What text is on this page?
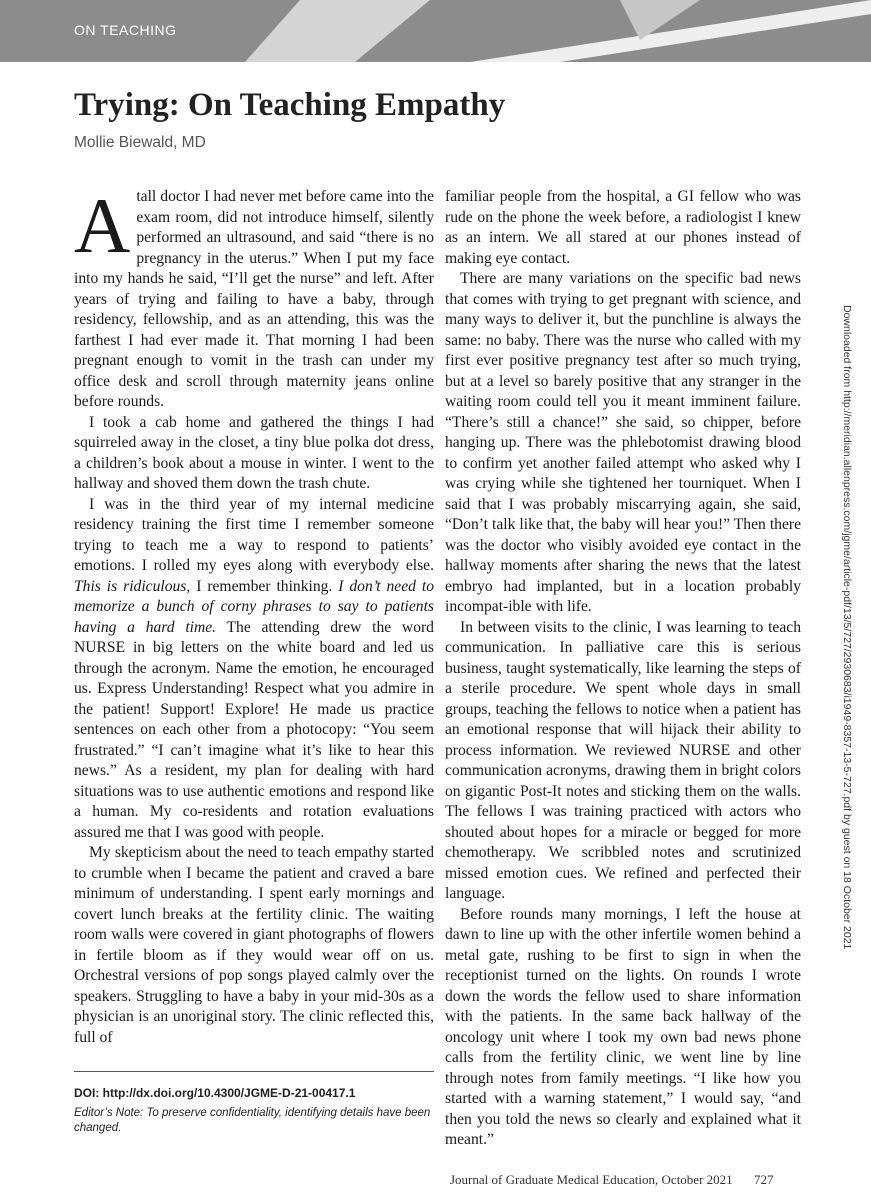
ON TEACHING
Trying: On Teaching Empathy
Mollie Biewald, MD

A tall doctor I had never met before came into the exam room, did not introduce himself, silently performed an ultrasound, and said “there is no pregnancy in the uterus.” When I put my face into my hands he said, “I’ll get the nurse” and left. After years of trying and failing to have a baby, through residency, fellowship, and as an attending, this was the farthest I had ever made it. That morning I had been pregnant enough to vomit in the trash can under my office desk and scroll through maternity jeans online before rounds.

I took a cab home and gathered the things I had squirreled away in the closet, a tiny blue polka dot dress, a children’s book about a mouse in winter. I went to the hallway and shoved them down the trash chute.

I was in the third year of my internal medicine residency training the first time I remember someone trying to teach me a way to respond to patients’ emotions. I rolled my eyes along with everybody else. This is ridiculous, I remember thinking. I don’t need to memorize a bunch of corny phrases to say to patients having a hard time. The attending drew the word NURSE in big letters on the white board and led us through the acronym. Name the emotion, he encouraged us. Express Understanding! Respect what you admire in the patient! Support! Explore! He made us practice sentences on each other from a photocopy: “You seem frustrated.” “I can’t imagine what it’s like to hear this news.” As a resident, my plan for dealing with hard situations was to use authentic emotions and respond like a human. My co-residents and rotation evaluations assured me that I was good with people.

My skepticism about the need to teach empathy started to crumble when I became the patient and craved a bare minimum of understanding. I spent early mornings and covert lunch breaks at the fertility clinic. The waiting room walls were covered in giant photographs of flowers in fertile bloom as if they would wear off on us. Orchestral versions of pop songs played calmly over the speakers. Struggling to have a baby in your mid-30s as a physician is an unoriginal story. The clinic reflected this, full of

familiar people from the hospital, a GI fellow who was rude on the phone the week before, a radiologist I knew as an intern. We all stared at our phones instead of making eye contact.

There are many variations on the specific bad news that comes with trying to get pregnant with science, and many ways to deliver it, but the punchline is always the same: no baby. There was the nurse who called with my first ever positive pregnancy test after so much trying, but at a level so barely positive that any stranger in the waiting room could tell you it meant imminent failure. “There’s still a chance!” she said, so chipper, before hanging up. There was the phlebotomist drawing blood to confirm yet another failed attempt who asked why I was crying while she tightened her tourniquet. When I said that I was probably miscarrying again, she said, “Don’t talk like that, the baby will hear you!” Then there was the doctor who visibly avoided eye contact in the hallway moments after sharing the news that the latest embryo had implanted, but in a location probably incompat-ible with life.

In between visits to the clinic, I was learning to teach communication. In palliative care this is serious business, taught systematically, like learning the steps of a sterile procedure. We spent whole days in small groups, teaching the fellows to notice when a patient has an emotional response that will hijack their ability to process information. We reviewed NURSE and other communication acronyms, drawing them in bright colors on gigantic Post-It notes and sticking them on the walls. The fellows I was training practiced with actors who shouted about hopes for a miracle or begged for more chemotherapy. We scribbled notes and scrutinized missed emotion cues. We refined and perfected their language.

Before rounds many mornings, I left the house at dawn to line up with the other infertile women behind a metal gate, rushing to be first to sign in when the receptionist turned on the lights. On rounds I wrote down the words the fellow used to share information with the patients. In the same back hallway of the oncology unit where I took my own bad news phone calls from the fertility clinic, we went line by line through notes from family meetings. “I like how you started with a warning statement,” I would say, “and then you told the news so clearly and explained what it meant.”

DOI: http://dx.doi.org/10.4300/JGME-D-21-00417.1
Editor’s Note: To preserve confidentiality, identifying details have been changed.
Journal of Graduate Medical Education, October 2021 727
Downloaded from http://meridian.allenpress.com/jgme/article-pdf/13/5/727/2930683/i1949-8357-13-5-727.pdf by guest on 18 October 2021
